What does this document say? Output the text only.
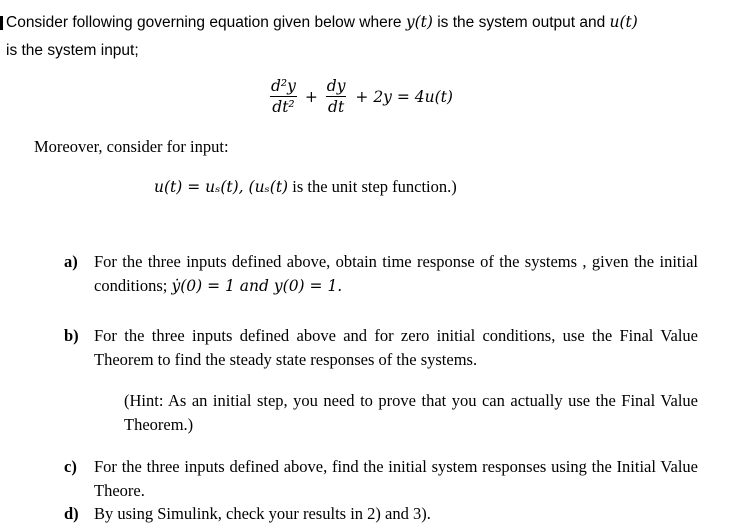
Consider following governing equation given below where y(t) is the system output and u(t)
is the system input;
$\frac{\text{d²y}}{\text{dt²}} + \frac{dy}{dt} + 2y = 4u(t)$
Moreover, consider for input:
u(t) = uₛ(t), (uₛ(t) is the unit step function.)
a) For the three inputs defined above, obtain time response of the systems , given the initial conditions; ẏ(0) = 1 and y(0) = 1.
b) For the three inputs defined above and for zero initial conditions, use the Final Value Theorem to find the steady state responses of the systems.
(Hint: As an initial step, you need to prove that you can actually use the Final Value Theorem.)
c) For the three inputs defined above, find the initial system responses using the Initial Value Theore.
d) By using Simulink, check your results in 2) and 3).
